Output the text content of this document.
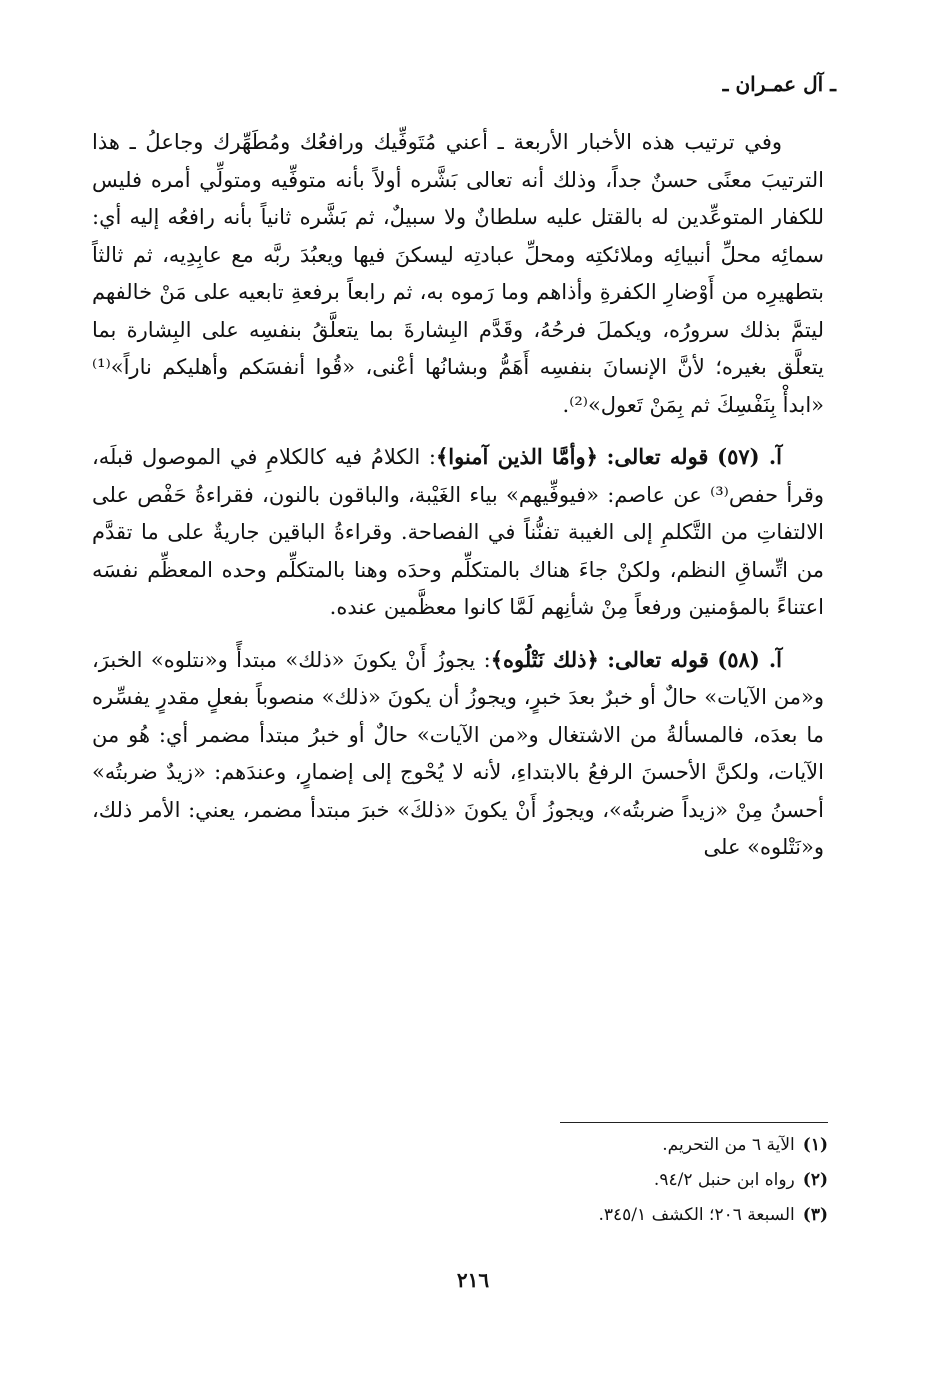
ـ آل عمـران ـ

وفي ترتيب هذه الأخبار الأربعة ـ أعني مُتَوفِّيك ورافعُك ومُطَهِّرك وجاعلُ ـ هذا الترتيبَ معنًى حسنٌ جداً، وذلك أنه تعالى بَشَّره أولاً بأنه متوفِّيه ومتولِّي أمره فليس للكفار المتوعِّدين له بالقتل عليه سلطانٌ ولا سبيلٌ، ثم بَشَّره ثانياً بأنه رافعُه إليه أي: سمائِه محلِّ أنبيائِه وملائكتِه ومحلِّ عبادتِه ليسكنَ فيها ويعبُدَ ربَّه مع عابِدِيه، ثم ثالثاً بتطهيرِه من أَوْضارِ الكفرةِ وأذاهم وما رَموه به، ثم رابعاً برفعةِ تابعيه على مَنْ خالفهم ليتمَّ بذلك سرورُه، ويكملَ فرحُهُ، وقَدَّم البِشارةَ بما يتعلَّقُ بنفسِه على البِشارة بما يتعلَّق بغيره؛ لأنَّ الإنسانَ بنفسِه أَهَمُّ وبشانُها أعْنى، «قُوا أنفسَكم وأهليكم ناراً»⁽¹⁾ «ابدأْ بِنَفْسِكَ ثم بِمَنْ تَعول»⁽²⁾.

آ. (٥٧) قوله تعالى: ﴿وأمَّا الذين آمنوا﴾: الكلامُ فيه كالكلامِ في الموصول قبلَه، وقرأ حفص⁽³⁾ عن عاصم: «فيوفِّيهم» بياء الغَيْبة، والباقون بالنون، فقراءةُ حَفْص على الالتفاتِ من التَّكلمِ إلى الغيبة تفنُّناً في الفصاحة. وقراءةُ الباقين جاريةٌ على ما تقدَّم من اتِّساقِ النظم، ولكنْ جاءَ هناك بالمتكلِّم وحدَه وهنا بالمتكلِّم وحده المعظِّم نفسَه اعتناءً بالمؤمنين ورفعاً مِنْ شأنِهم لَمَّا كانوا معظَّمين عنده.

آ. (٥٨) قوله تعالى: ﴿ذلك نَتْلُوه﴾: يجوزُ أَنْ يكونَ «ذلك» مبتدأً و«نتلوه» الخبرَ، و«من الآيات» حالٌ أو خبرٌ بعدَ خبرٍ، ويجوزُ أن يكونَ «ذلك» منصوباً بفعلٍ مقدرٍ يفسِّره ما بعدَه، فالمسألةُ من الاشتغال و«من الآيات» حالٌ أو خبرُ مبتدأ مضمر أي: هُو من الآيات، ولكنَّ الأحسنَ الرفعُ بالابتداءِ، لأنه لا يُحْوج إلى إضمارٍ، وعندَهم: «زيدٌ ضربتُه» أحسنُ مِنْ «زيداً ضربتُه»، ويجوزُ أَنْ يكونَ «ذلكَ» خبرَ مبتدأ مضمر، يعني: الأمر ذلك، و«نَتْلوه» على

(١)الآية ٦ من التحريم.
(٢)رواه ابن حنبل ٩٤/٢.
(٣)السبعة ٢٠٦؛ الكشف ٣٤٥/١.
٢١٦
